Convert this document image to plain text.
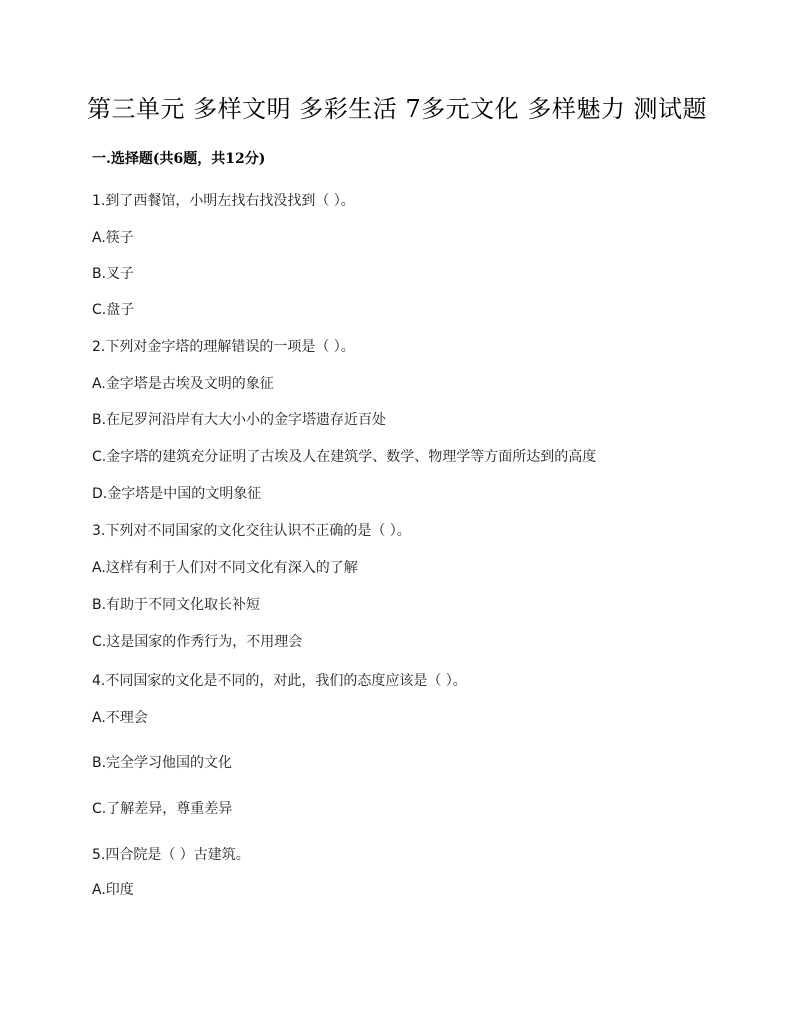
第三单元 多样文明 多彩生活 7多元文化 多样魅力 测试题
一.选择题(共6题，共12分)
1.到了西餐馆，小明左找右找没找到（ ）。
A.筷子
B.叉子
C.盘子
2.下列对金字塔的理解错误的一项是（ ）。
A.金字塔是古埃及文明的象征
B.在尼罗河沿岸有大大小小的金字塔遗存近百处
C.金字塔的建筑充分证明了古埃及人在建筑学、数学、物理学等方面所达到的高度
D.金字塔是中国的文明象征
3.下列对不同国家的文化交往认识不正确的是（ ）。
A.这样有利于人们对不同文化有深入的了解
B.有助于不同文化取长补短
C.这是国家的作秀行为，不用理会
4.不同国家的文化是不同的，对此，我们的态度应该是（ ）。
A.不理会
B.完全学习他国的文化
C.了解差异，尊重差异
5.四合院是（ ）古建筑。
A.印度
